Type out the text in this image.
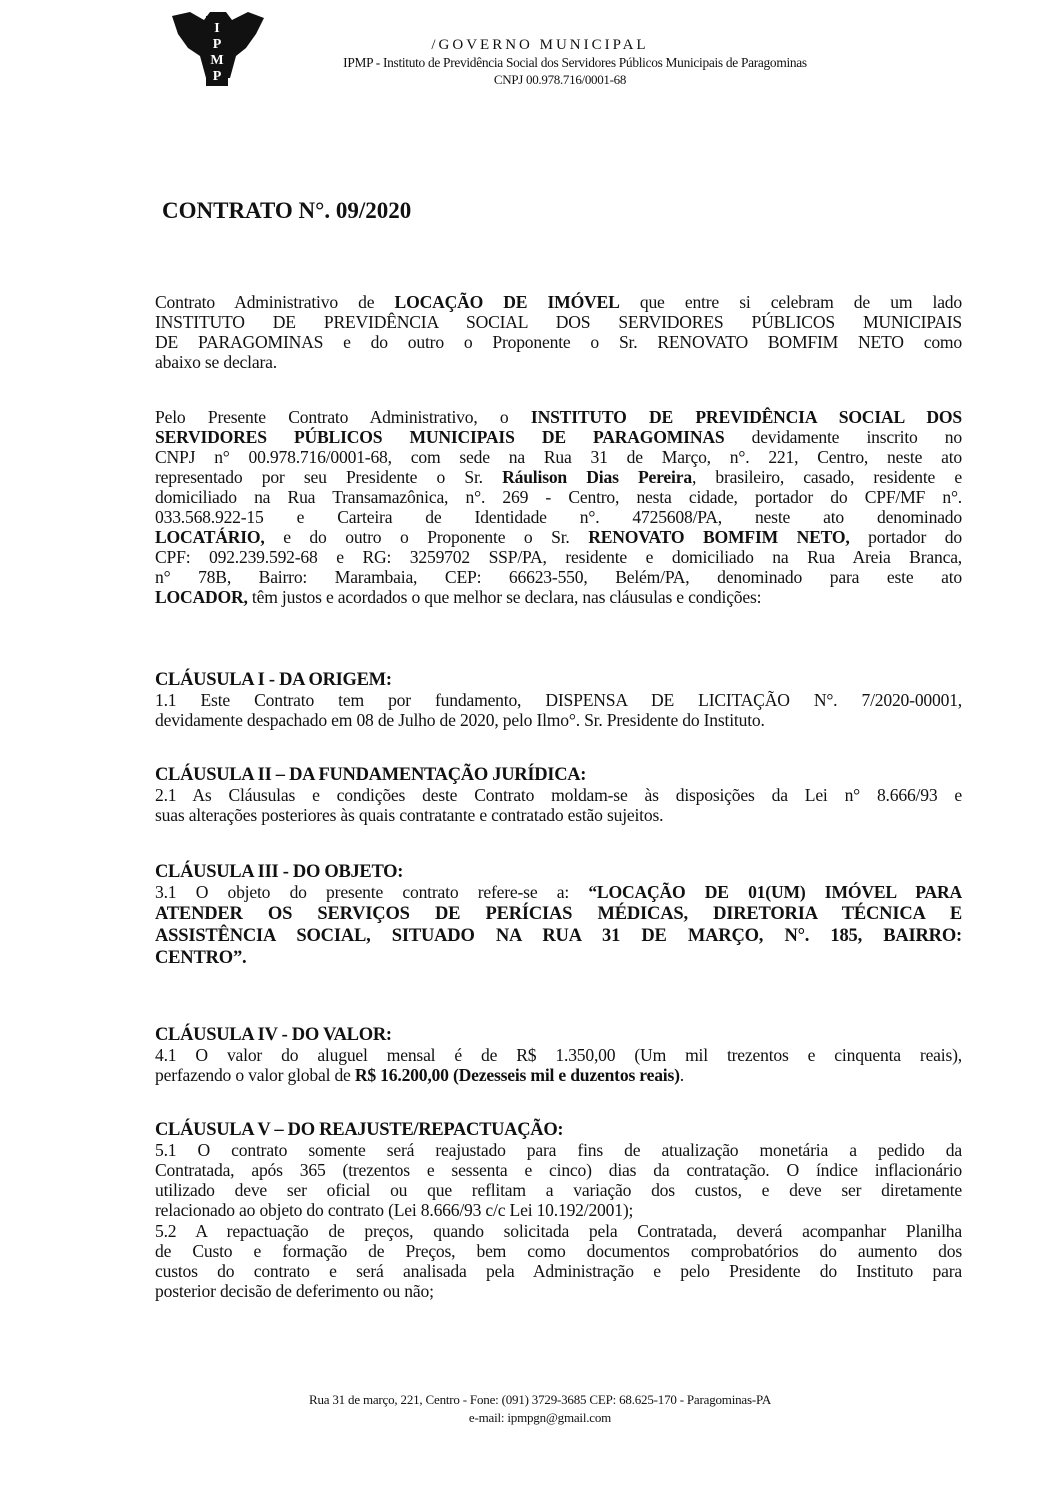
I
P
M
P
/GOVERNO MUNICIPAL
IPMP - Instituto de Previdência Social dos Servidores Públicos Municipais de Paragominas
CNPJ 00.978.716/0001-68
CONTRATO N°. 09/2020
Contrato Administrativo de LOCAÇÃO DE IMÓVEL que entre si celebram de um lado
INSTITUTO DE PREVIDÊNCIA SOCIAL DOS SERVIDORES PÚBLICOS MUNICIPAIS
DE PARAGOMINAS e do outro o Proponente o Sr. RENOVATO BOMFIM NETO como
abaixo se declara.
Pelo Presente Contrato Administrativo, o INSTITUTO DE PREVIDÊNCIA SOCIAL DOS
SERVIDORES PÚBLICOS MUNICIPAIS DE PARAGOMINAS devidamente inscrito no
CNPJ n° 00.978.716/0001-68, com sede na Rua 31 de Março, n°. 221, Centro, neste ato
representado por seu Presidente o Sr. Ráulison Dias Pereira, brasileiro, casado, residente e
domiciliado na Rua Transamazônica, n°. 269 - Centro, nesta cidade, portador do CPF/MF n°.
033.568.922-15 e Carteira de Identidade n°. 4725608/PA, neste ato denominado
LOCATÁRIO, e do outro o Proponente o Sr. RENOVATO BOMFIM NETO, portador do
CPF: 092.239.592-68 e RG: 3259702 SSP/PA, residente e domiciliado na Rua Areia Branca,
n° 78B, Bairro: Marambaia, CEP: 66623-550, Belém/PA, denominado para este ato
LOCADOR, têm justos e acordados o que melhor se declara, nas cláusulas e condições:
CLÁUSULA I - DA ORIGEM:
1.1 Este Contrato tem por fundamento, DISPENSA DE LICITAÇÃO N°. 7/2020-00001,
devidamente despachado em 08 de Julho de 2020, pelo Ilmo°. Sr. Presidente do Instituto.
CLÁUSULA II – DA FUNDAMENTAÇÃO JURÍDICA:
2.1 As Cláusulas e condições deste Contrato moldam-se às disposições da Lei n° 8.666/93 e
suas alterações posteriores às quais contratante e contratado estão sujeitos.
CLÁUSULA III - DO OBJETO:
3.1 O objeto do presente contrato refere-se a: “LOCAÇÃO DE 01(UM) IMÓVEL PARA
ATENDER OS SERVIÇOS DE PERÍCIAS MÉDICAS, DIRETORIA TÉCNICA E
ASSISTÊNCIA SOCIAL, SITUADO NA RUA 31 DE MARÇO, N°. 185, BAIRRO:
CENTRO”.
CLÁUSULA IV - DO VALOR:
4.1 O valor do aluguel mensal é de R$ 1.350,00 (Um mil trezentos e cinquenta reais),
perfazendo o valor global de R$ 16.200,00 (Dezesseis mil e duzentos reais).
CLÁUSULA V – DO REAJUSTE/REPACTUAÇÃO:
5.1 O contrato somente será reajustado para fins de atualização monetária a pedido da
Contratada, após 365 (trezentos e sessenta e cinco) dias da contratação. O índice inflacionário
utilizado deve ser oficial ou que reflitam a variação dos custos, e deve ser diretamente
relacionado ao objeto do contrato (Lei 8.666/93 c/c Lei 10.192/2001);
5.2 A repactuação de preços, quando solicitada pela Contratada, deverá acompanhar Planilha
de Custo e formação de Preços, bem como documentos comprobatórios do aumento dos
custos do contrato e será analisada pela Administração e pelo Presidente do Instituto para
posterior decisão de deferimento ou não;
Rua 31 de março, 221, Centro - Fone: (091) 3729-3685 CEP: 68.625-170 - Paragominas-PA
e-mail: ipmpgn@gmail.com
